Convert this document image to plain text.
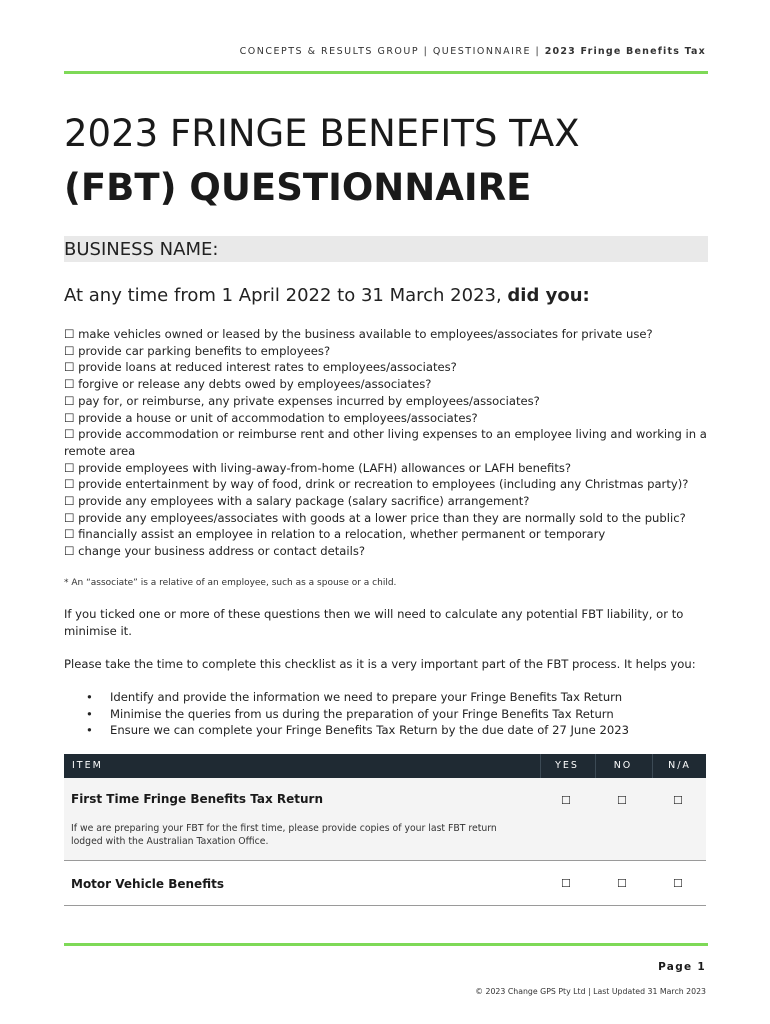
CONCEPTS & RESULTS GROUP | QUESTIONNAIRE | 2023 Fringe Benefits Tax
2023 FRINGE BENEFITS TAX
(FBT) QUESTIONNAIRE
BUSINESS NAME:
At any time from 1 April 2022 to 31 March 2023, did you:
☐ make vehicles owned or leased by the business available to employees/associates for private use?
☐ provide car parking benefits to employees?
☐ provide loans at reduced interest rates to employees/associates?
☐ forgive or release any debts owed by employees/associates?
☐ pay for, or reimburse, any private expenses incurred by employees/associates?
☐ provide a house or unit of accommodation to employees/associates?
☐ provide accommodation or reimburse rent and other living expenses to an employee living and working in a remote area
☐ provide employees with living-away-from-home (LAFH) allowances or LAFH benefits?
☐ provide entertainment by way of food, drink or recreation to employees (including any Christmas party)?
☐ provide any employees with a salary package (salary sacrifice) arrangement?
☐ provide any employees/associates with goods at a lower price than they are normally sold to the public?
☐ financially assist an employee in relation to a relocation, whether permanent or temporary
☐ change your business address or contact details?
* An “associate” is a relative of an employee, such as a spouse or a child.
If you ticked one or more of these questions then we will need to calculate any potential FBT liability, or to minimise it.
Please take the time to complete this checklist as it is a very important part of the FBT process. It helps you:
• Identify and provide the information we need to prepare your Fringe Benefits Tax Return
• Minimise the queries from us during the preparation of your Fringe Benefits Tax Return
• Ensure we can complete your Fringe Benefits Tax Return by the due date of 27 June 2023
ITEM	YES	NO	N/A
First Time Fringe Benefits Tax Return	☐	☐	☐
If we are preparing your FBT for the first time, please provide copies of your last FBT return lodged with the Australian Taxation Office.
Motor Vehicle Benefits	☐	☐	☐
Page 1
© 2023 Change GPS Pty Ltd | Last Updated 31 March 2023
